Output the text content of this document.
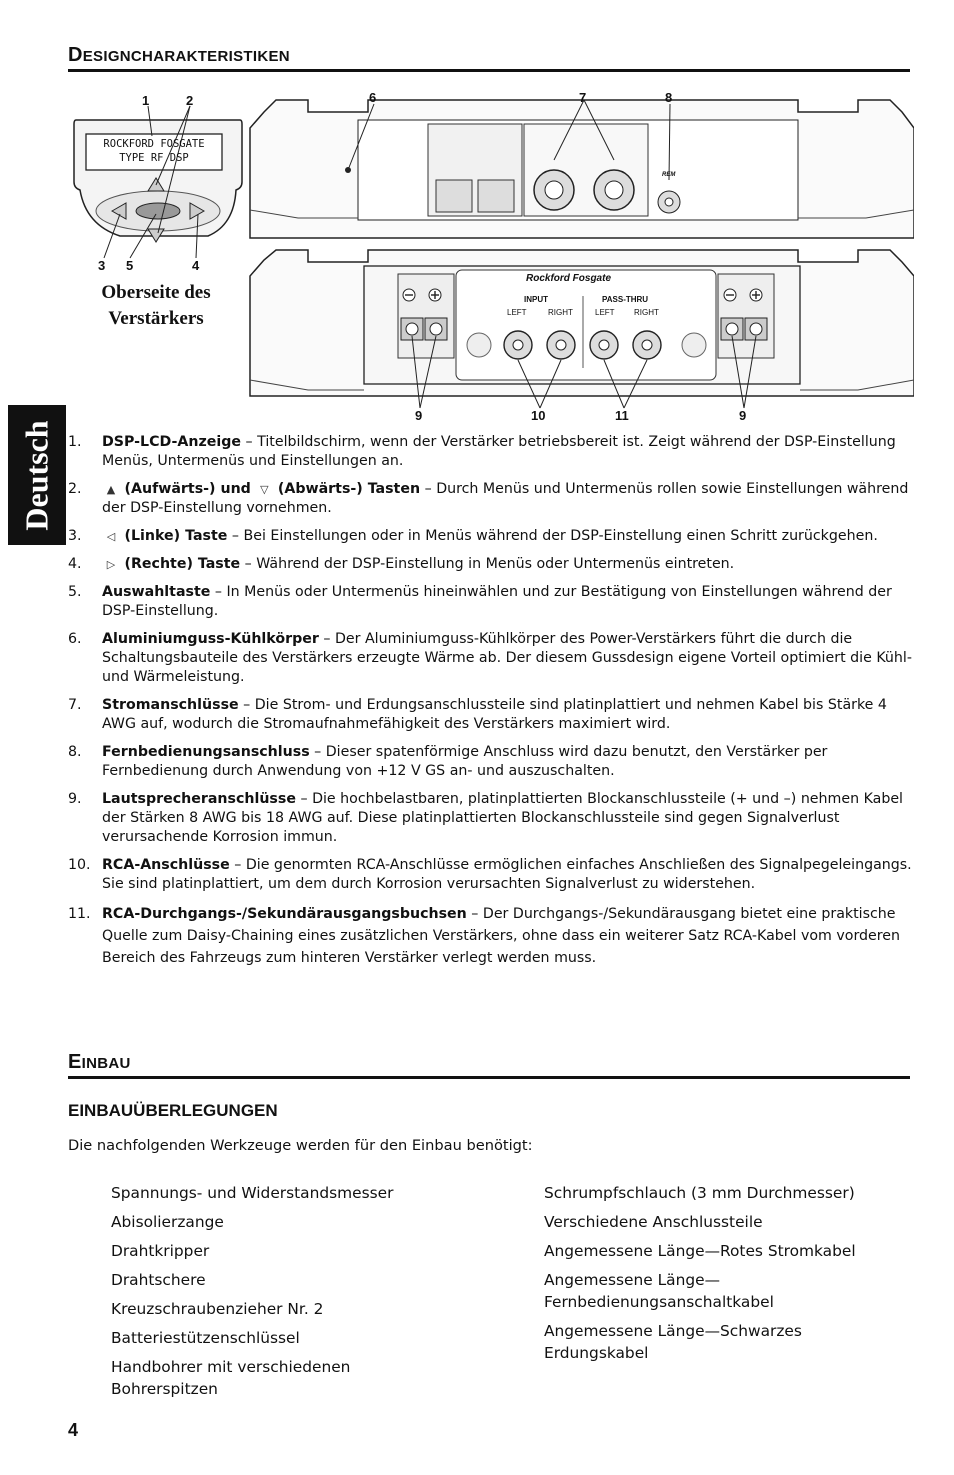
DESIGNCHARAKTERISTIKEN
Deutsch
ROCKFORD FOSGATE
TYPE RF DSP
Rockford Fosgate
INPUT	PASS-THRU
LEFT	RIGHT	LEFT RIGHT
REM
1	2
3	4
5
6	7	8
9	10	11	9
Oberseite des Verstärkers
1. DSP-LCD-Anzeige – Titelbildschirm, wenn der Verstärker betriebsbereit ist. Zeigt während der DSP-Einstellung Menüs, Untermenüs und Einstellungen an.
2. ▲ (Aufwärts-) und ▽ (Abwärts-) Tasten – Durch Menüs und Untermenüs rollen sowie Einstellungen während der DSP-Einstellung vornehmen.
3. ◁ (Linke) Taste – Bei Einstellungen oder in Menüs während der DSP-Einstellung einen Schritt zurückgehen.
4. ▷ (Rechte) Taste – Während der DSP-Einstellung in Menüs oder Untermenüs eintreten.
5. Auswahltaste – In Menüs oder Untermenüs hineinwählen und zur Bestätigung von Einstellungen während der DSP-Einstellung.
6. Aluminiumguss-Kühlkörper – Der Aluminiumguss-Kühlkörper des Power-Verstärkers führt die durch die Schaltungsbauteile des Verstärkers erzeugte Wärme ab. Der diesem Gussdesign eigene Vorteil optimiert die Kühl- und Wärmeleistung.
7. Stromanschlüsse – Die Strom- und Erdungsanschlussteile sind platinplattiert und nehmen Kabel bis Stärke 4 AWG auf, wodurch die Stromaufnahmefähigkeit des Verstärkers maximiert wird.
8. Fernbedienungsanschluss – Dieser spatenförmige Anschluss wird dazu benutzt, den Verstärker per Fernbedienung durch Anwendung von +12 V GS an- und auszuschalten.
9. Lautsprecheranschlüsse – Die hochbelastbaren, platinplattierten Blockanschlussteile (+ und –) nehmen Kabel der Stärken 8 AWG bis 18 AWG auf. Diese platinplattierten Blockanschlussteile sind gegen Signalverlust verursachende Korrosion immun.
10. RCA-Anschlüsse – Die genormten RCA-Anschlüsse ermöglichen einfaches Anschließen des Signalpegeleingangs. Sie sind platinplattiert, um dem durch Korrosion verursachten Signalverlust zu widerstehen.
11. RCA-Durchgangs-/Sekundärausgangsbuchsen – Der Durchgangs-/Sekundärausgang bietet eine praktische Quelle zum Daisy-Chaining eines zusätzlichen Verstärkers, ohne dass ein weiterer Satz RCA-Kabel vom vorderen Bereich des Fahrzeugs zum hinteren Verstärker verlegt werden muss.
EINBAU
EINBAUÜBERLEGUNGEN
Die nachfolgenden Werkzeuge werden für den Einbau benötigt:
Spannungs- und Widerstandsmesser
Abisolierzange
Drahtkripper
Drahtschere
Kreuzschraubenzieher Nr. 2
Batteriestützenschlüssel
Handbohrer mit verschiedenen Bohrerspitzen
Schrumpfschlauch (3 mm Durchmesser)
Verschiedene Anschlussteile
Angemessene Länge—Rotes Stromkabel
Angemessene Länge—Fernbedienungsanschaltkabel
Angemessene Länge—Schwarzes Erdungskabel
4
